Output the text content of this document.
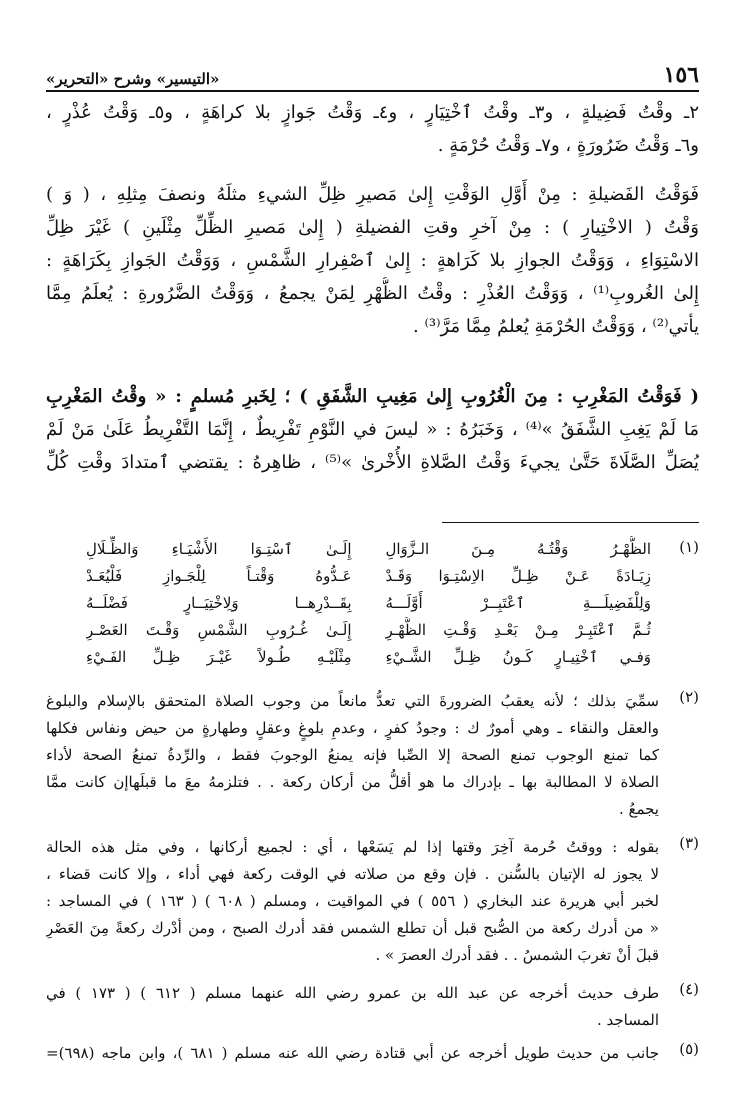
١٥٦
«التيسير» وشرح «التحرير»
٢ـ وقْتُ فَضِيلةٍ ، و٣ـ وقْتُ ٱخْتِيَارٍ ، و٤ـ وَقْتُ جَوازٍ بلا كراهَةٍ ، و٥ـ وَقْتُ عُذْرٍ ،
و٦ـ وَقْتُ ضَرُورَةٍ ، و٧ـ وَقْتُ حُرْمَةٍ .
فَوَقْتُ الفَضيلةِ : مِنْ أَوَّلِ الوَقْتِ إِلىٰ مَصيرِ ظِلِّ الشيءِ مثلَهُ ونصفَ مِثلِهِ ، ( وَ )
وَقْتُ ( الاخْتِيارِ ) : مِنْ آخرِ وقتِ الفضيلةِ ( إِلىٰ مَصيرِ الظِّلِّ مِثْلَينِ ) غَيْرَ ظِلِّ
الاسْتِوَاءِ ، وَوَقْتُ الجوازِ بلا كَرَاهةٍ : إِلىٰ ٱصْفِرارِ الشَّمْسِ ، وَوَقْتُ الجَوازِ بِكَرَاهَةٍ :
إِلىٰ الغُروبِ⁽¹⁾ ، وَوَقْتُ العُذْرِ : وقْتُ الظُّهْرِ لِمَنْ يجمعُ ، وَوَقْتُ الضَّرُورةِ : يُعلَمُ مِمَّا
يأتي⁽²⁾ ، وَوَقْتُ الحُرْمَةِ يُعلمُ مِمَّا مَرَّ⁽³⁾ .
( فَوَقْتُ المَغْرِبِ : مِنَ الْغُرُوبِ إِلىٰ مَغِيبِ الشَّفَقِ ) ؛ لِخَبرِ مُسلمٍ : « وقْتُ المَغْرِبِ
مَا لَمْ يَغِبِ الشَّفَقُ »⁽⁴⁾ ، وَخَبَرُهُ : « ليسَ في النَّوْمِ تَفْرِيطٌ ، إِنَّمَا التَّفْرِيطُ عَلَىٰ مَنْ لَمْ
يُصَلِّ الصَّلَاةَ حَتَّىٰ يجيءَ وَقْتُ الصَّلاةِ الأُخْرىٰ »⁽⁵⁾ ، ظاهِرهُ : يقتضي ٱمتدادَ وقْتِ كُلِّ
(١)
الظُّهْـرُ وَقْتُـهُ مِـنَ الـزَّوَالِ
إِلَـىٰ ٱسْتِـوَا الأَشْيَـاءِ وَالظِّـلَالِ
زِيَـادَةً عَـنْ ظِـلِّ الاِسْتِـوَا وَقَـدْ
عَـدُّوهُ وَقْتـاً لِلْجَـوازِ فَلْيُعَـدْ
وَلِلْفَضِيلَـــةِ ٱعْتَبِــرْ أَوَّلَـــهُ
بِقَــدْرِهــا وَلِاخْتِيَــارٍ فَضْلَــهُ
ثُـمَّ ٱعْتَبِـرْ مِـنْ بَعْـدِ وَقْـتِ الظُّهْـرِ
إِلَـىٰ غُـرُوبِ الشَّمْسِ وَقْـتَ العَصْـرِ
وَفـي ٱخْتِيـارٍ كَـونُ ظِـلِّ الشَّـيْءِ
مِثْلَيْـهِ طُـولاً غَيْـرَ ظِـلِّ الفَـيْءِ
(٢)
سمِّيَ بذلك ؛ لأنه يعقبُ الضرورةَ التي تعدُّ مانعاً من وجوب الصلاة المتحقق بالإسلام والبلوغ
والعقل والنقاء ـ وهي أمورٌ ك : وجودُ كفرٍ ، وعدمِ بلوغٍ وعقلٍ وطهارةٍ من حيض ونفاس فكلها
كما تمنع الوجوب تمنع الصحة إلا الصِّبا فإنه يمنعُ الوجوبَ فقط ، والرِّدةُ تمنعُ الصحة لأداء
الصلاة لا المطالبة بها ـ بإدراك ما هو أقلُّ من أركان ركعة . . فتلزمهُ معَ ما قبلَهاإن كانت ممَّا
يجمعُ .
(٣)
بقوله : ووقتُ حُرمة آخِرَ وقتها إذا لم يَسَعْها ، أي : لجميع أركانها ، وفي مثل هذه الحالة
لا يجوز له الإتيان بالسُّنن . فإن وقع من صلاته في الوقت ركعة فهي أداء ، وإلا كانت قضاء ،
لخبر أبي هريرة عند البخاري ( ٥٥٦ ) في المواقيت ، ومسلم ( ٦٠٨ ) ( ١٦٣ ) في المساجد :
« من أدرك ركعة من الصُّبح قبل أن تطلع الشمس فقد أدرك الصبح ، ومن أدْرك ركعةً مِنَ العَصْرِ
قبلَ أنْ تغربَ الشمسُ . . فقد أدرك العصرَ » .
(٤)
طرف حديث أخرجه عن عبد الله بن عمرو رضي الله عنهما مسلم ( ٦١٢ ) ( ١٧٣ ) في
المساجد .
(٥)
جانب من حديث طويل أخرجه عن أبي قتادة رضي الله عنه مسلم ( ٦٨١ )، وابن ماجه (٦٩٨)=
